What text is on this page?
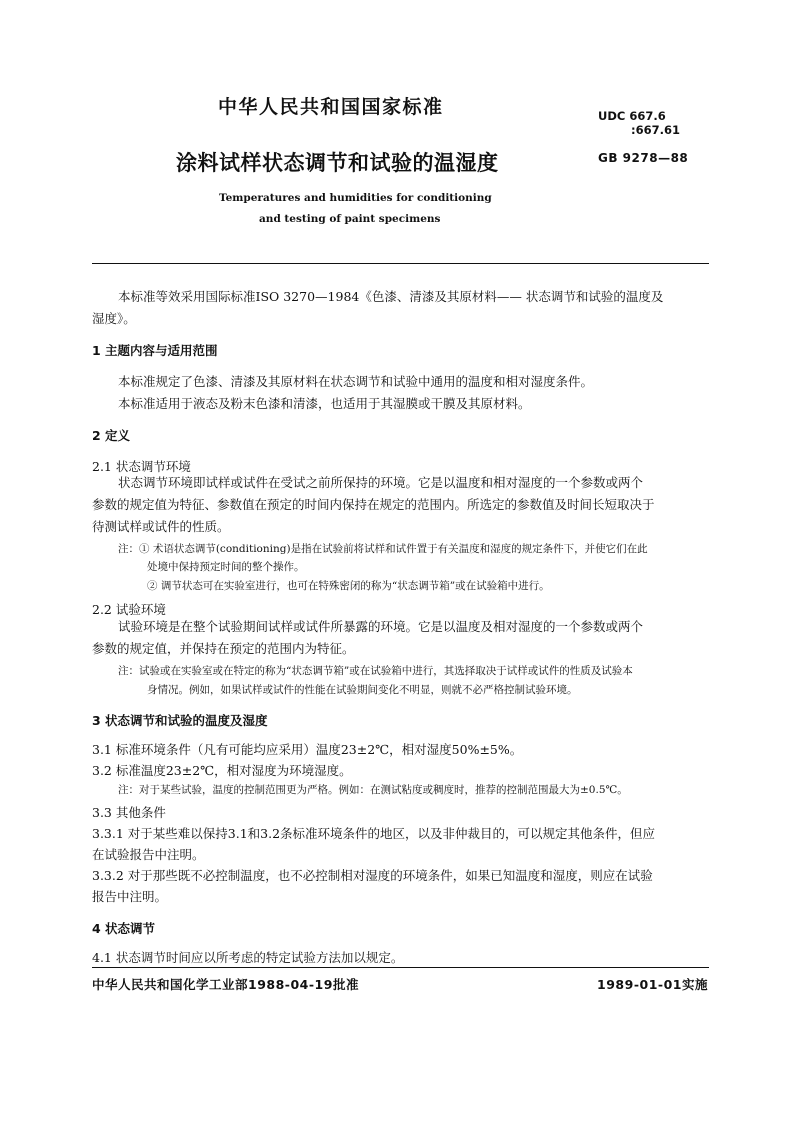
中华人民共和国国家标准	UDC 667.6
:667.61
涂料试样状态调节和试验的温湿度	GB 9278—88
Temperatures and humidities for conditioning
and testing of paint specimens
本标准等效采用国际标准ISO 3270—1984《色漆、清漆及其原材料—— 状态调节和试验的温度及
湿度》。
1 主题内容与适用范围
本标准规定了色漆、清漆及其原材料在状态调节和试验中通用的温度和相对湿度条件。
本标准适用于液态及粉末色漆和清漆，也适用于其湿膜或干膜及其原材料。
2 定义
2.1 状态调节环境
状态调节环境即试样或试件在受试之前所保持的环境。它是以温度和相对湿度的一个参数或两个
参数的规定值为特征、参数值在预定的时间内保持在规定的范围内。所选定的参数值及时间长短取决于
待测试样或试件的性质。
注：① 术语状态调节(conditioning)是指在试验前将试样和试件置于有关温度和湿度的规定条件下，并使它们在此
处境中保持预定时间的整个操作。
② 调节状态可在实验室进行，也可在特殊密闭的称为“状态调节箱”或在试验箱中进行。
2.2 试验环境
试验环境是在整个试验期间试样或试件所暴露的环境。它是以温度及相对湿度的一个参数或两个
参数的规定值，并保持在预定的范围内为特征。
注：试验或在实验室或在特定的称为“状态调节箱”或在试验箱中进行，其选择取决于试样或试件的性质及试验本
身情况。例如，如果试样或试件的性能在试验期间变化不明显，则就不必严格控制试验环境。
3 状态调节和试验的温度及湿度
3.1 标准环境条件（凡有可能均应采用）温度23±2℃，相对湿度50%±5%。
3.2 标准温度23±2℃，相对湿度为环境湿度。
注：对于某些试验，温度的控制范围更为严格。例如：在测试粘度或稠度时，推荐的控制范围最大为±0.5℃。
3.3 其他条件
3.3.1 对于某些难以保持3.1和3.2条标准环境条件的地区，以及非仲裁目的，可以规定其他条件，但应
在试验报告中注明。
3.3.2 对于那些既不必控制温度，也不必控制相对湿度的环境条件，如果已知温度和湿度，则应在试验
报告中注明。
4 状态调节
4.1 状态调节时间应以所考虑的特定试验方法加以规定。
中华人民共和国化学工业部1988-04-19批准	1989-01-01实施
